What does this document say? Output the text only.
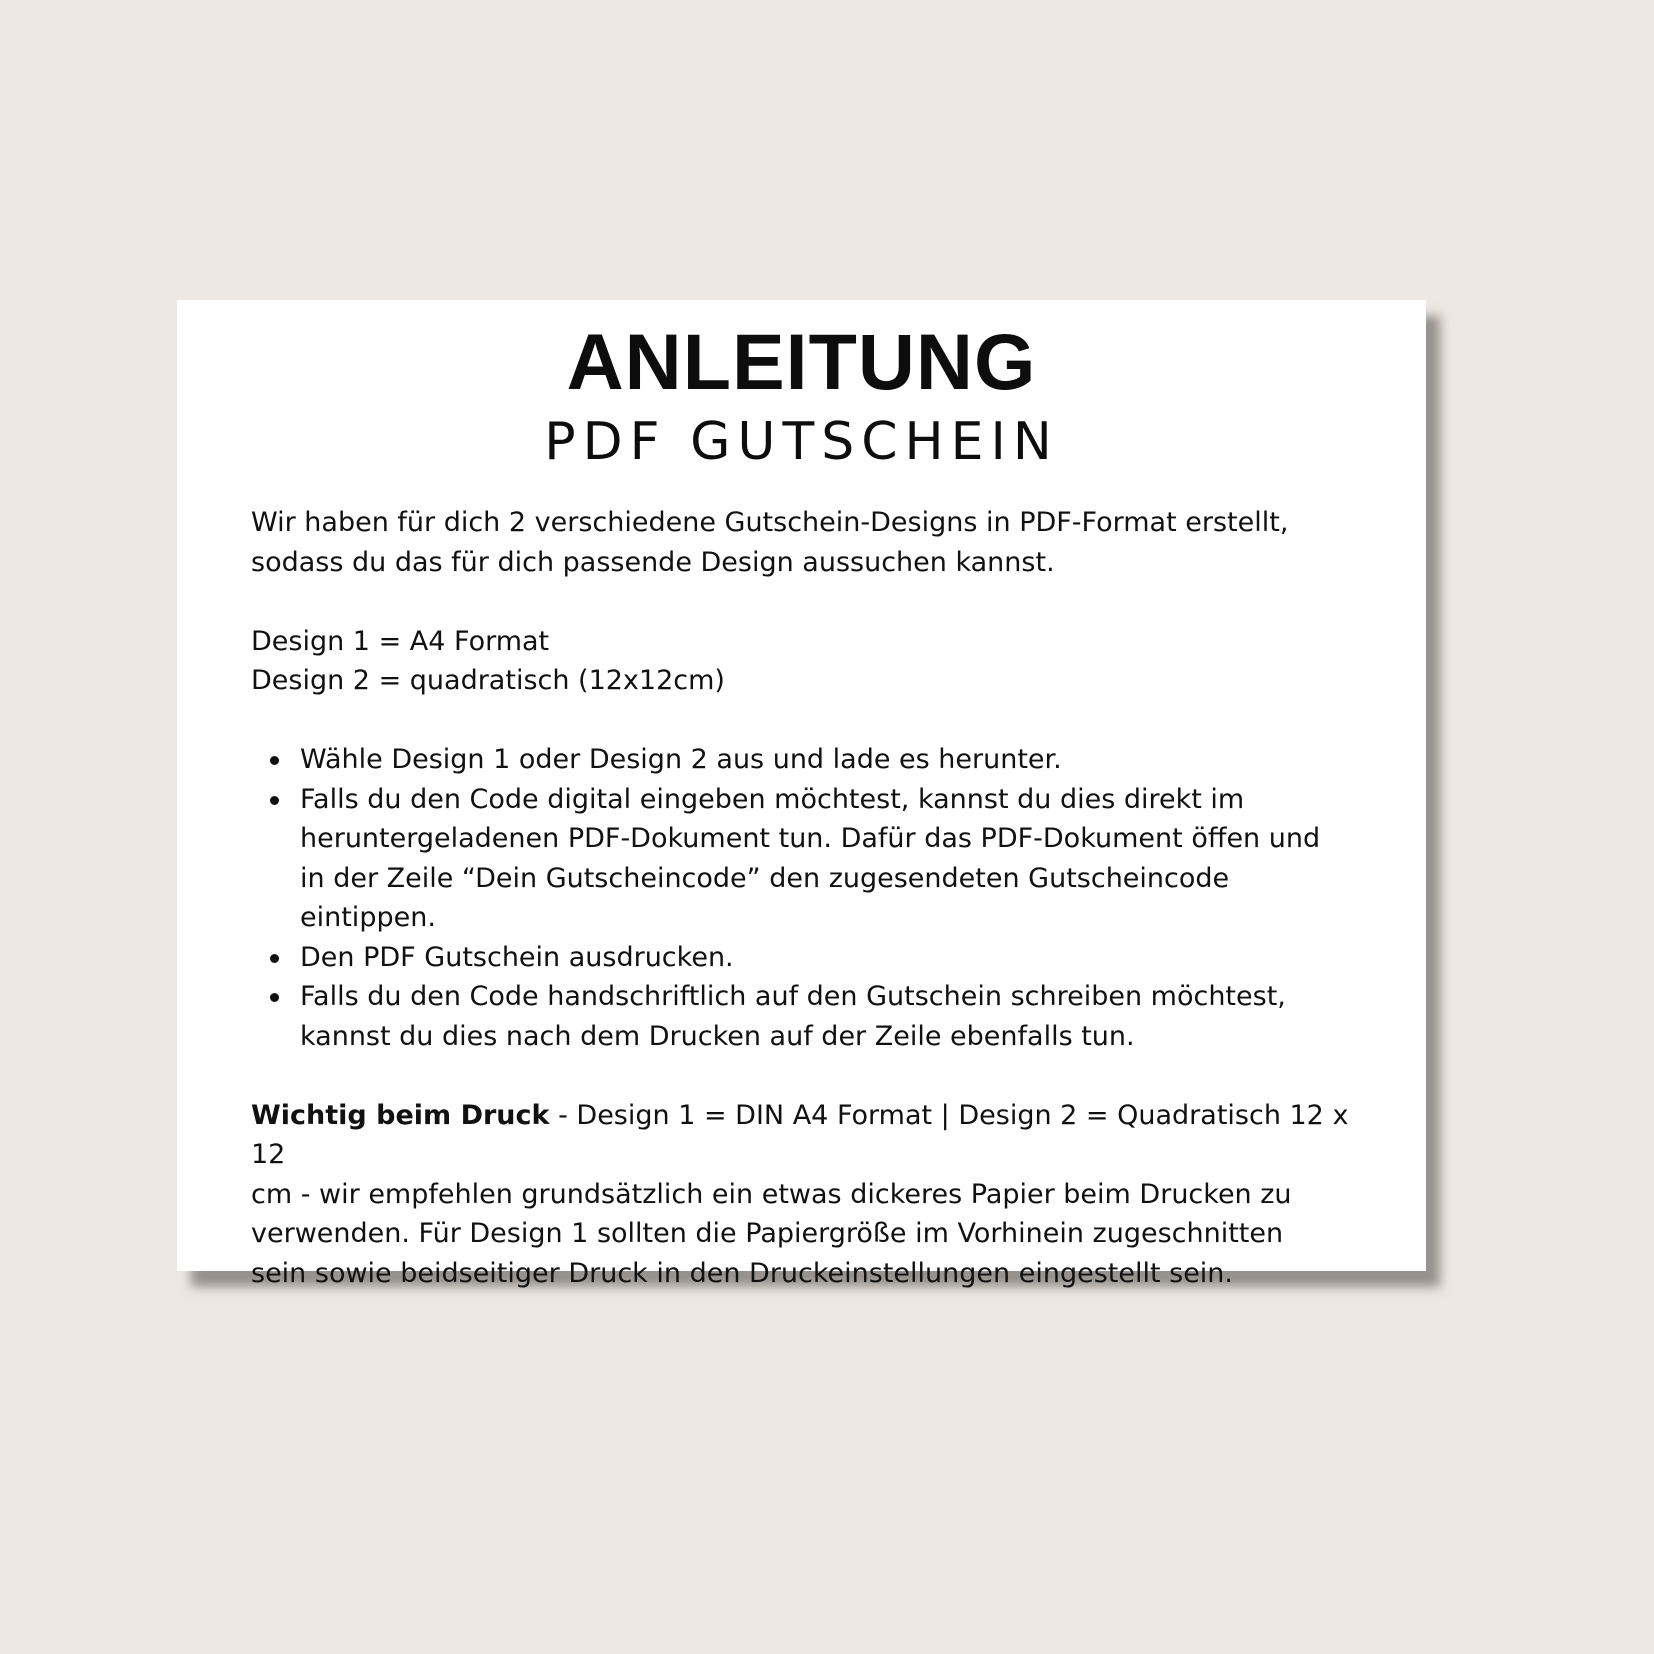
ANLEITUNG
PDF GUTSCHEIN

Wir haben für dich 2 verschiedene Gutschein-Designs in PDF-Format erstellt,
sodass du das für dich passende Design aussuchen kannst.

Design 1 = A4 Format
Design 2 = quadratisch (12x12cm)

Wähle Design 1 oder Design 2 aus und lade es herunter.
Falls du den Code digital eingeben möchtest, kannst du dies direkt im
heruntergeladenen PDF-Dokument tun. Dafür das PDF-Dokument öffen und
in der Zeile “Dein Gutscheincode” den zugesendeten Gutscheincode
eintippen.
Den PDF Gutschein ausdrucken.
Falls du den Code handschriftlich auf den Gutschein schreiben möchtest,
kannst du dies nach dem Drucken auf der Zeile ebenfalls tun.

Wichtig beim Druck - Design 1 = DIN A4 Format | Design 2 = Quadratisch 12 x 12
cm - wir empfehlen grundsätzlich ein etwas dickeres Papier beim Drucken zu
verwenden. Für Design 1 sollten die Papiergröße im Vorhinein zugeschnitten
sein sowie beidseitiger Druck in den Druckeinstellungen eingestellt sein.
